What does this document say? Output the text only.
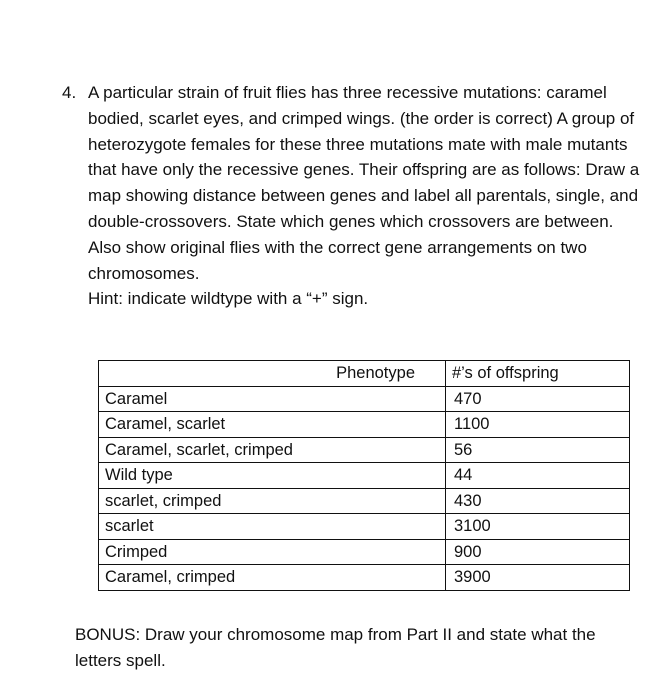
4. A particular strain of fruit flies has three recessive mutations: caramel bodied, scarlet eyes, and crimped wings. (the order is correct) A group of heterozygote females for these three mutations mate with male mutants that have only the recessive genes. Their offspring are as follows: Draw a map showing distance between genes and label all parentals, single, and double-crossovers. State which genes which crossovers are between. Also show original flies with the correct gene arrangements on two chromosomes.
Hint: indicate wildtype with a “+” sign.
Phenotype	#’s of offspring
Caramel	470
Caramel, scarlet	1100
Caramel, scarlet, crimped	56
Wild type	44
scarlet, crimped	430
scarlet	3100
Crimped	900
Caramel, crimped	3900
BONUS: Draw your chromosome map from Part II and state what the letters spell.
